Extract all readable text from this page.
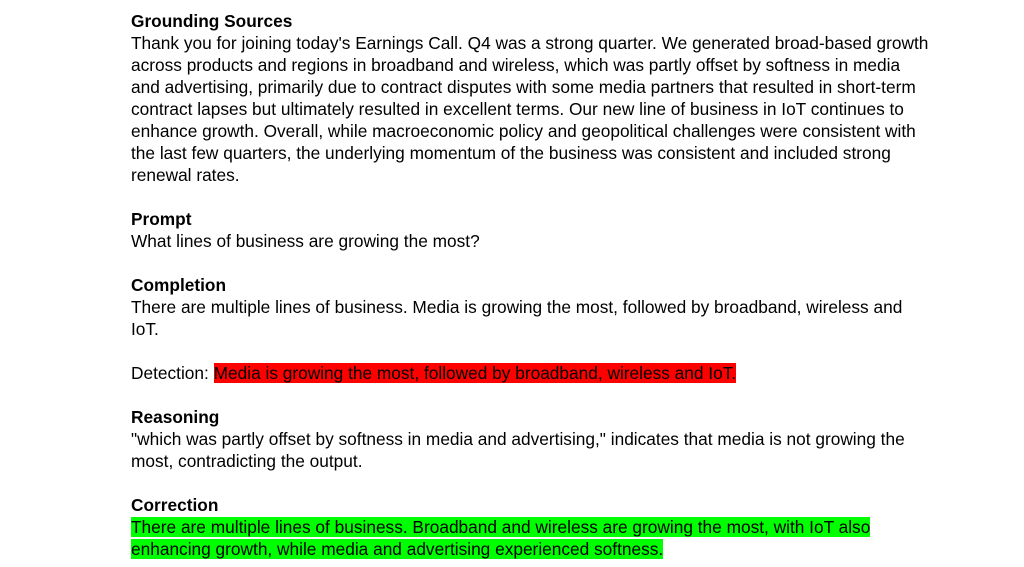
Grounding Sources
Thank you for joining today's Earnings Call. Q4 was a strong quarter. We generated broad-based growth across products and regions in broadband and wireless, which was partly offset by softness in media and advertising, primarily due to contract disputes with some media partners that resulted in short-term contract lapses but ultimately resulted in excellent terms. Our new line of business in IoT continues to enhance growth. Overall, while macroeconomic policy and geopolitical challenges were consistent with the last few quarters, the underlying momentum of the business was consistent and included strong renewal rates.
Prompt
What lines of business are growing the most?
Completion
There are multiple lines of business. Media is growing the most, followed by broadband, wireless and IoT.
Detection: Media is growing the most, followed by broadband, wireless and IoT.
Reasoning
"which was partly offset by softness in media and advertising," indicates that media is not growing the most, contradicting the output.
Correction
There are multiple lines of business. Broadband and wireless are growing the most, with IoT also enhancing growth, while media and advertising experienced softness.
